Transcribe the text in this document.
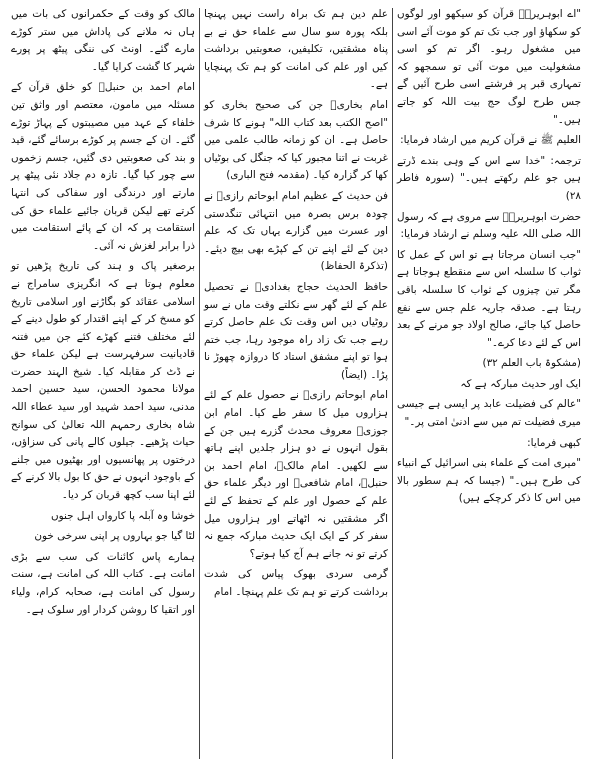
"اے ابوہریرہؓ قرآن کو سیکھو اور لوگوں کو سکھاؤ اور جب تک تم کو موت آئے اسی میں مشغول رہو۔ اگر تم کو اسی مشغولیت میں موت آئی تو سمجھو کہ تمہاری قبر پر فرشتے اسی طرح آئیں گے جس طرح لوگ حج بیت اللہ کو جاتے ہیں۔"

العلیم ﷺ نے قرآن کریم میں ارشاد فرمایا:

ترجمہ: "خدا سے اس کے وہی بندے ڈرتے ہیں جو علم رکھتے ہیں۔" (سورہ فاطر ۲۸)

حضرت ابوہریرہؓ سے مروی ہے کہ رسول اللہ صلی اللہ علیہ وسلم نے ارشاد فرمایا:

"جب انسان مرجاتا ہے تو اس کے عمل کا ثواب کا سلسلہ اس سے منقطع ہوجاتا ہے مگر تین چیزوں کے ثواب کا سلسلہ باقی رہتا ہے۔ صدقہ جاریہ علم جس سے نفع حاصل کیا جائے، صالح اولاد جو مرنے کے بعد اس کے لئے دعا کرے۔"

(مشکوۃ باب العلم ۳۲)

ایک اور حدیث مبارکہ ہے کہ

"عالم کی فضیلت عابد پر ایسی ہے جیسی میری فضیلت تم میں سے ادنیٰ امتی پر۔"

کبھی فرمایا:

"میری امت کے علماء بنی اسرائیل کے انبیاء کی طرح ہیں۔" (جیسا کہ ہم سطور بالا میں اس کا ذکر کرچکے ہیں)

علم دین ہم تک براہ راست نہیں پہنچا بلکہ پورہ سو سال سے علماء حق نے بے پناہ مشقتیں، تکلیفیں، صعوبتیں برداشت کیں اور علم کی امانت کو ہم تک پہنچایا ہے۔

امام بخاریؒ جن کی صحیح بخاری کو "اصح الکتب بعد کتاب اللہ" ہونے کا شرف حاصل ہے۔ ان کو زمانہ طالب علمی میں غربت نے اتنا مجبور کیا کہ جنگل کی بوٹیاں کھا کر گزارہ کیا۔ (مقدمہ فتح الباری)

فن حدیث کے عظیم امام ابوحاتم رازیؒ نے چودہ برس بصرہ میں انتہائی تنگدستی اور عسرت میں گزارے یہاں تک کہ علم دین کے لئے اپنے تن کے کپڑے بھی بیچ دیئے۔ (تذکرۃ الحفاظ)

حافظ الحدیث حجاج بغدادیؒ نے تحصیل علم کے لئے گھر سے نکلتے وقت ماں نے سو روٹیاں دیں اس وقت تک علم حاصل کرتے رہے جب تک زاد راہ موجود رہا، جب ختم ہوا تو اپنے مشفق استاد کا دروازہ چھوڑ نا پڑا۔ (ایضاً)

امام ابوحاتم رازیؒ نے حصول علم کے لئے ہزاروں میل کا سفر طے کیا۔ امام ابن جوزیؒ معروف محدث گزرے ہیں جن کے بقول انہوں نے دو ہزار جلدیں اپنے ہاتھ سے لکھیں۔ امام مالکؒ، امام احمد بن حنبلؒ، امام شافعیؒ اور دیگر علماء حق علم کے حصول اور علم کے تحفظ کے لئے اگر مشقتیں نہ اٹھاتے اور ہزاروں میل سفر کر کے ایک ایک حدیث مبارکہ جمع نہ کرتے تو نہ جانے ہم آج کیا ہوتے؟

گرمی سردی بھوک پیاس کی شدت برداشت کرتے تو ہم تک علم پہنچا۔ امام

مالک کو وقت کے حکمرانوں کی بات میں ہاں نہ ملانے کی پاداش میں ستر کوڑے مارے گئے۔ اونٹ کی ننگی پیٹھ پر پورے شہر کا گشت کرایا گیا۔

امام احمد بن حنبلؒ کو خلق قرآن کے مسئلہ میں مامون، معتصم اور واثق تین خلفاء کے عہد میں مصیبتوں کے پہاڑ توڑے گئے۔ ان کے جسم پر کوڑے برسائے گئے، قید و بند کی صعوبتیں دی گئیں، جسم زخموں سے چور کیا گیا۔ تازہ دم جلاد نئی پیٹھ پر مارتے اور درندگی اور سفاکی کی انتہا کرتے تھے لیکن قربان جائیے علماء حق کی استقامت پر کہ ان کے پائے استقامت میں ذرا برابر لغزش نہ آئی۔

برصغیر پاک و ہند کی تاریخ پڑھیں تو معلوم ہوتا ہے کہ انگریزی سامراج نے اسلامی عقائد کو بگاڑنے اور اسلامی تاریخ کو مسخ کر کے اپنے اقتدار کو طول دینے کے لئے مختلف فتنے کھڑے کئے جن میں فتنہ قادیانیت سرفہرست ہے لیکن علماء حق نے ڈٹ کر مقابلہ کیا۔ شیخ الہند حضرت مولانا محمود الحسن، سید حسین احمد مدنی، سید احمد شہید اور سید عطاء اللہ شاہ بخاری رحمہم اللہ تعالیٰ کی سوانح حیات پڑھیے۔ جیلوں کالے پانی کی سزاؤں، درختوں پر پھانسیوں اور بھٹیوں میں جلنے کے باوجود انہوں نے حق کا بول بالا کرنے کے لئے اپنا سب کچھ قربان کر دیا۔

خوشا وہ آبلہ پا کارواں اہل جنوں

لٹا گیا جو بہاروں پر اپنی سرخی خون

ہمارے پاس کائنات کی سب سے بڑی امانت ہے۔ کتاب اللہ کی امانت ہے، سنت رسول کی امانت ہے، صحابہ کرام، ولیاء اور اتقیا کا روشن کردار اور سلوک ہے۔
